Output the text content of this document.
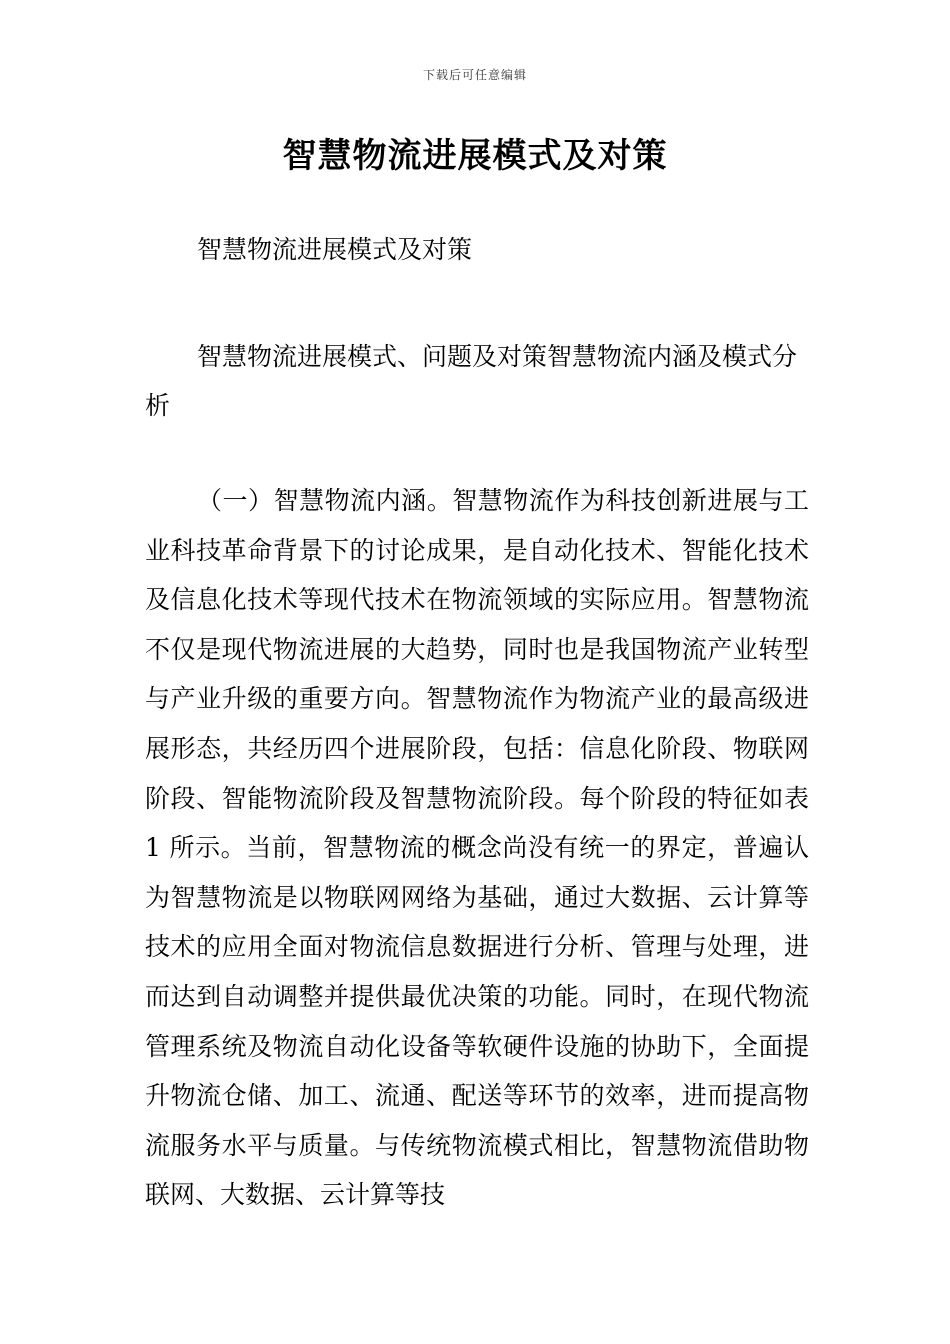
下载后可任意编辑
智慧物流进展模式及对策
智慧物流进展模式及对策

智慧物流进展模式、问题及对策智慧物流内涵及模式分析

（一）智慧物流内涵。智慧物流作为科技创新进展与工业科技革命背景下的讨论成果，是自动化技术、智能化技术及信息化技术等现代技术在物流领域的实际应用。智慧物流不仅是现代物流进展的大趋势，同时也是我国物流产业转型与产业升级的重要方向。智慧物流作为物流产业的最高级进展形态，共经历四个进展阶段，包括：信息化阶段、物联网阶段、智能物流阶段及智慧物流阶段。每个阶段的特征如表 1 所示。当前，智慧物流的概念尚没有统一的界定，普遍认为智慧物流是以物联网网络为基础，通过大数据、云计算等技术的应用全面对物流信息数据进行分析、管理与处理，进而达到自动调整并提供最优决策的功能。同时，在现代物流管理系统及物流自动化设备等软硬件设施的协助下，全面提升物流仓储、加工、流通、配送等环节的效率，进而提高物流服务水平与质量。与传统物流模式相比，智慧物流借助物联网、大数据、云计算等技
